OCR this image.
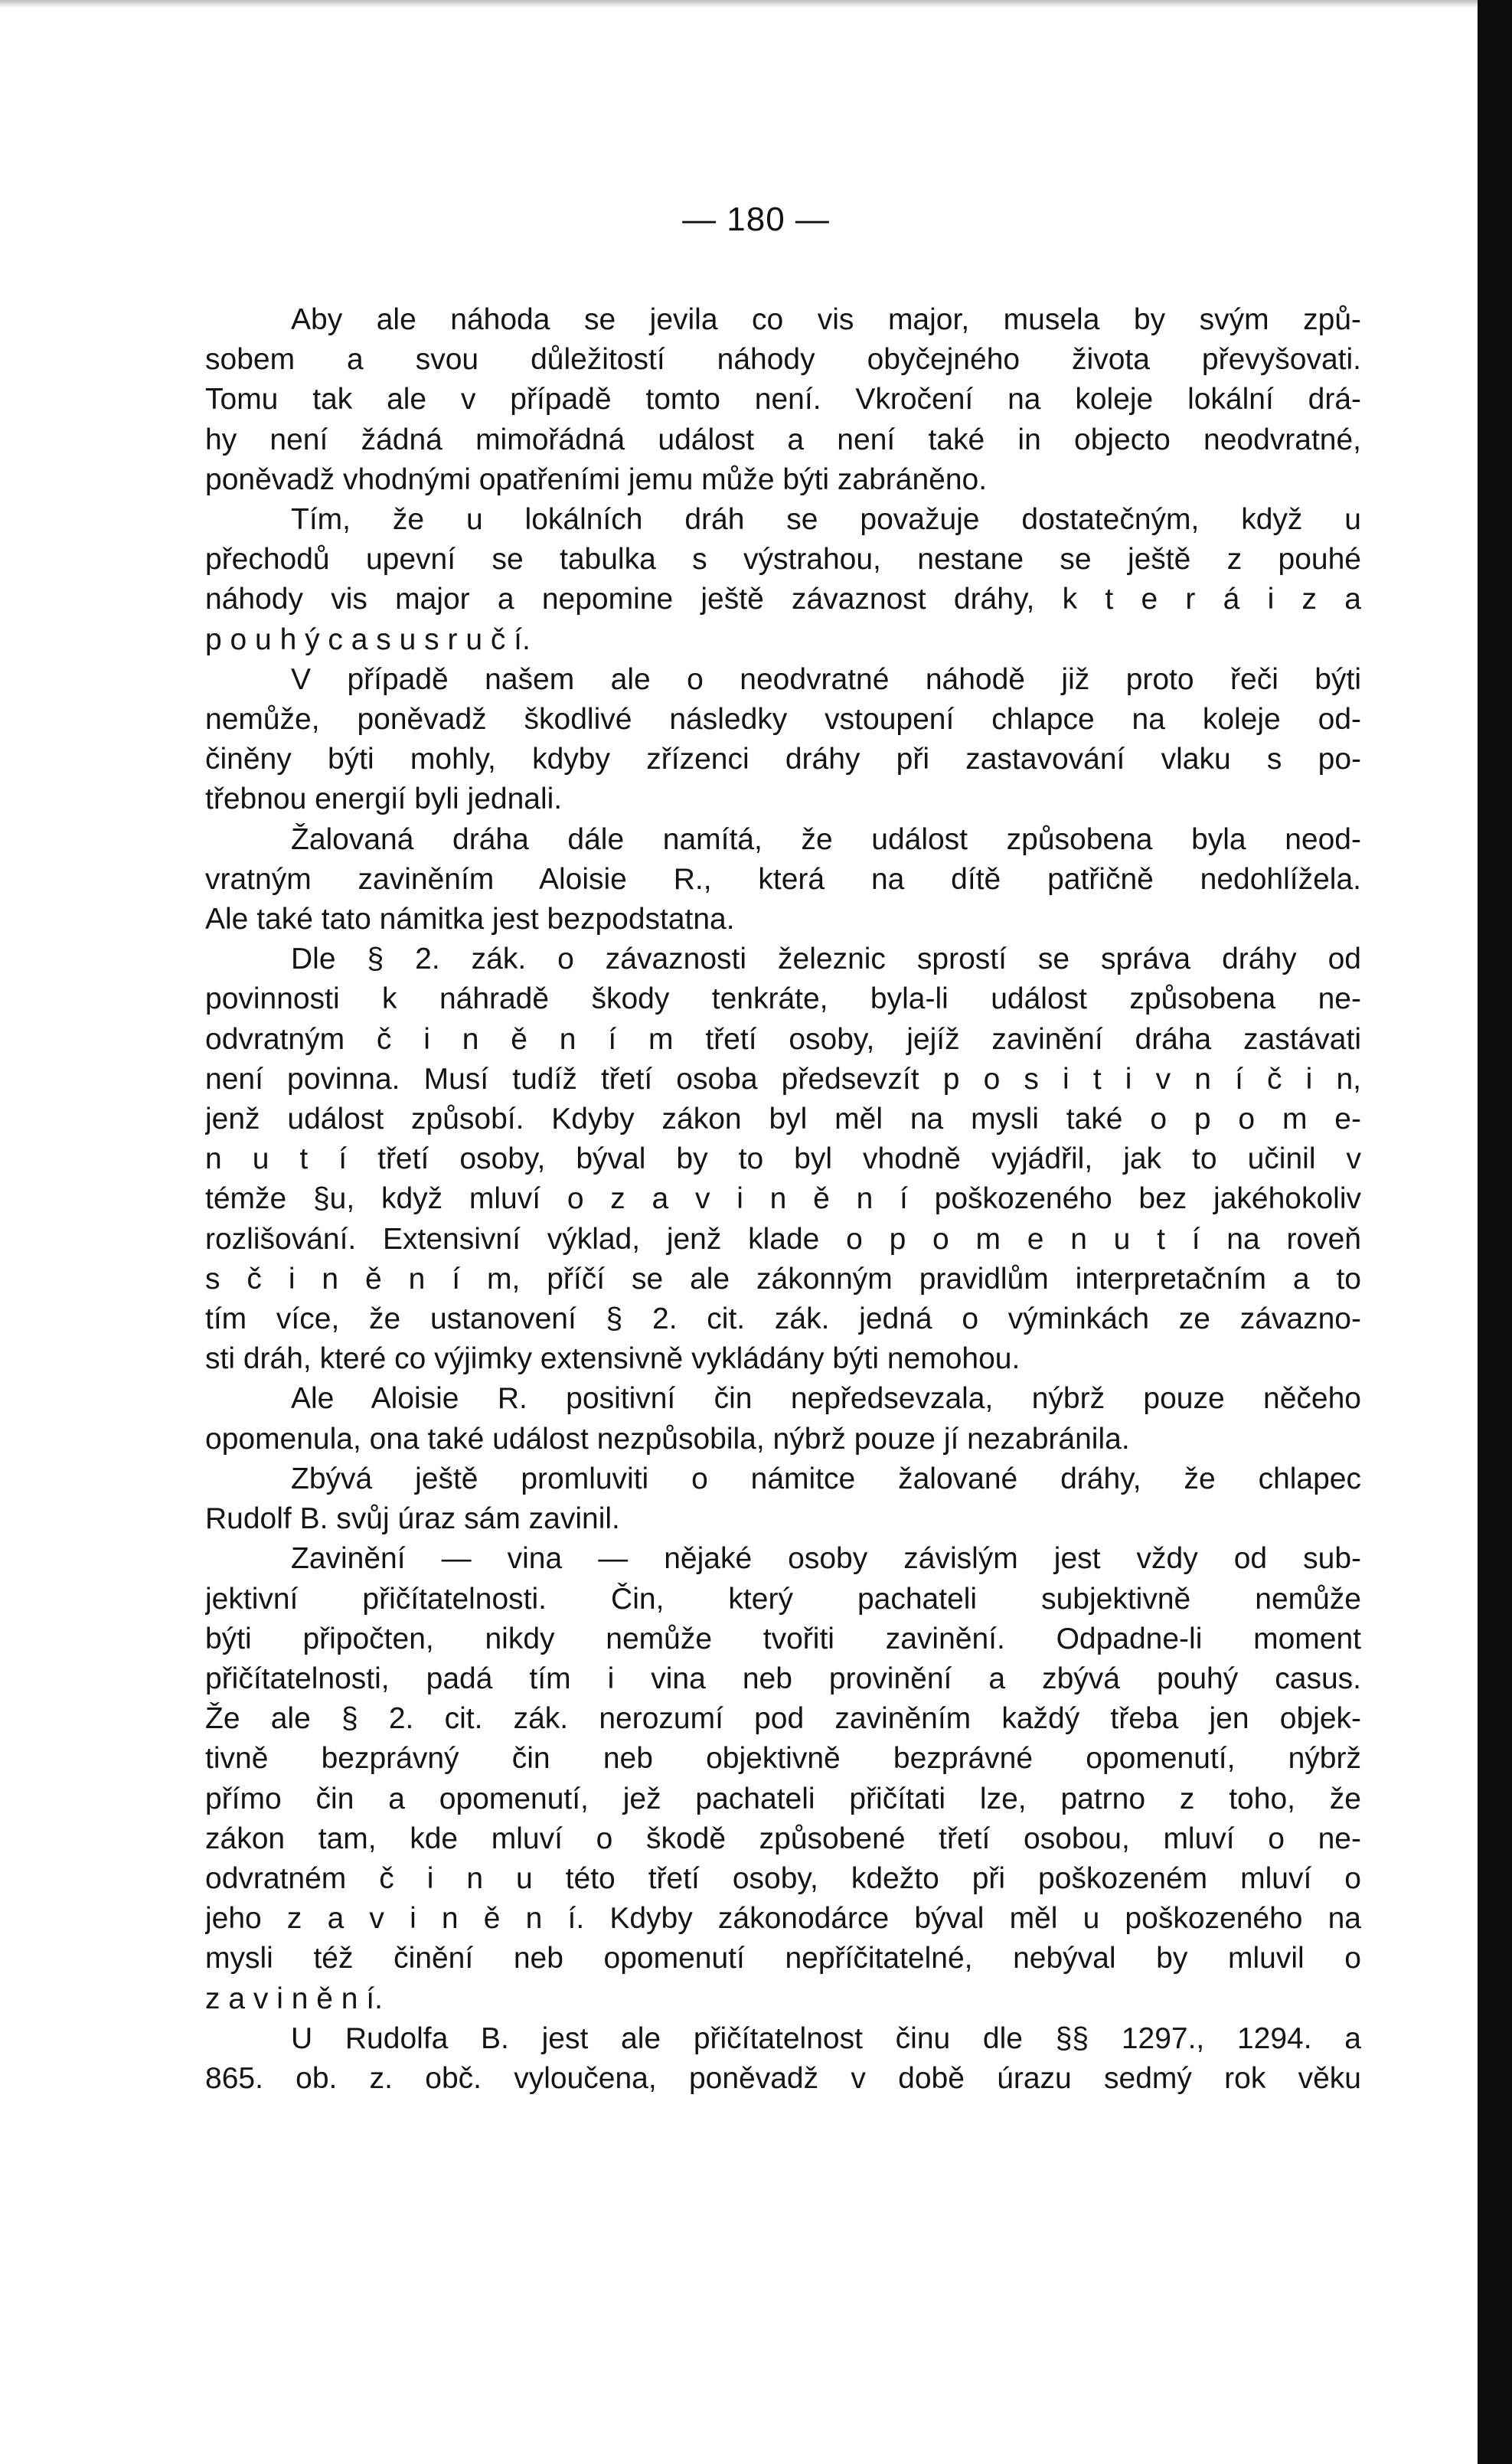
— 180 —
Aby ale náhoda se jevila co vis major, musela by svým způ-
sobem a svou důležitostí náhody obyčejného života převyšovati.
Tomu tak ale v případě tomto není. Vkročení na koleje lokální drá-
hy není žádná mimořádná událost a není také in objecto neodvratné,
poněvadž vhodnými opatřeními jemu může býti zabráněno.
Tím, že u lokálních dráh se považuje dostatečným, když u
přechodů upevní se tabulka s výstrahou, nestane se ještě z pouhé
náhody vis major a nepomine ještě závaznost dráhy, k t e r á i z a
p o u h ý c a s u s r u č í.
V případě našem ale o neodvratné náhodě již proto řeči býti
nemůže, poněvadž škodlivé následky vstoupení chlapce na koleje od-
činěny býti mohly, kdyby zřízenci dráhy při zastavování vlaku s po-
třebnou energií byli jednali.
Žalovaná dráha dále namítá, že událost způsobena byla neod-
vratným zaviněním Aloisie R., která na dítě patřičně nedohlížela.
Ale také tato námitka jest bezpodstatna.
Dle § 2. zák. o závaznosti železnic sprostí se správa dráhy od
povinnosti k náhradě škody tenkráte, byla-li událost způsobena ne-
odvratným č i n ě n í m třetí osoby, jejíž zavinění dráha zastávati
není povinna. Musí tudíž třetí osoba předsevzít p o s i t i v n í č i n,
jenž událost způsobí. Kdyby zákon byl měl na mysli také o p o m e-
n u t í třetí osoby, býval by to byl vhodně vyjádřil, jak to učinil v
témže §u, když mluví o z a v i n ě n í poškozeného bez jakéhokoliv
rozlišování. Extensivní výklad, jenž klade o p o m e n u t í na roveň
s č i n ě n í m, příčí se ale zákonným pravidlům interpretačním a to
tím více, že ustanovení § 2. cit. zák. jedná o výminkách ze závazno-
sti dráh, které co výjimky extensivně vykládány býti nemohou.
Ale Aloisie R. positivní čin nepředsevzala, nýbrž pouze něčeho
opomenula, ona také událost nezpůsobila, nýbrž pouze jí nezabránila.
Zbývá ještě promluviti o námitce žalované dráhy, že chlapec
Rudolf B. svůj úraz sám zavinil.
Zavinění — vina — nějaké osoby závislým jest vždy od sub-
jektivní přičítatelnosti. Čin, který pachateli subjektivně nemůže
býti připočten, nikdy nemůže tvořiti zavinění. Odpadne-li moment
přičítatelnosti, padá tím i vina neb provinění a zbývá pouhý casus.
Že ale § 2. cit. zák. nerozumí pod zaviněním každý třeba jen objek-
tivně bezprávný čin neb objektivně bezprávné opomenutí, nýbrž
přímo čin a opomenutí, jež pachateli přičítati lze, patrno z toho, že
zákon tam, kde mluví o škodě způsobené třetí osobou, mluví o ne-
odvratném č i n u této třetí osoby, kdežto při poškozeném mluví o
jeho z a v i n ě n í. Kdyby zákonodárce býval měl u poškozeného na
mysli též činění neb opomenutí nepříčitatelné, nebýval by mluvil o
z a v i n ě n í.
U Rudolfa B. jest ale přičítatelnost činu dle §§ 1297., 1294. a
865. ob. z. obč. vyloučena, poněvadž v době úrazu sedmý rok věku
